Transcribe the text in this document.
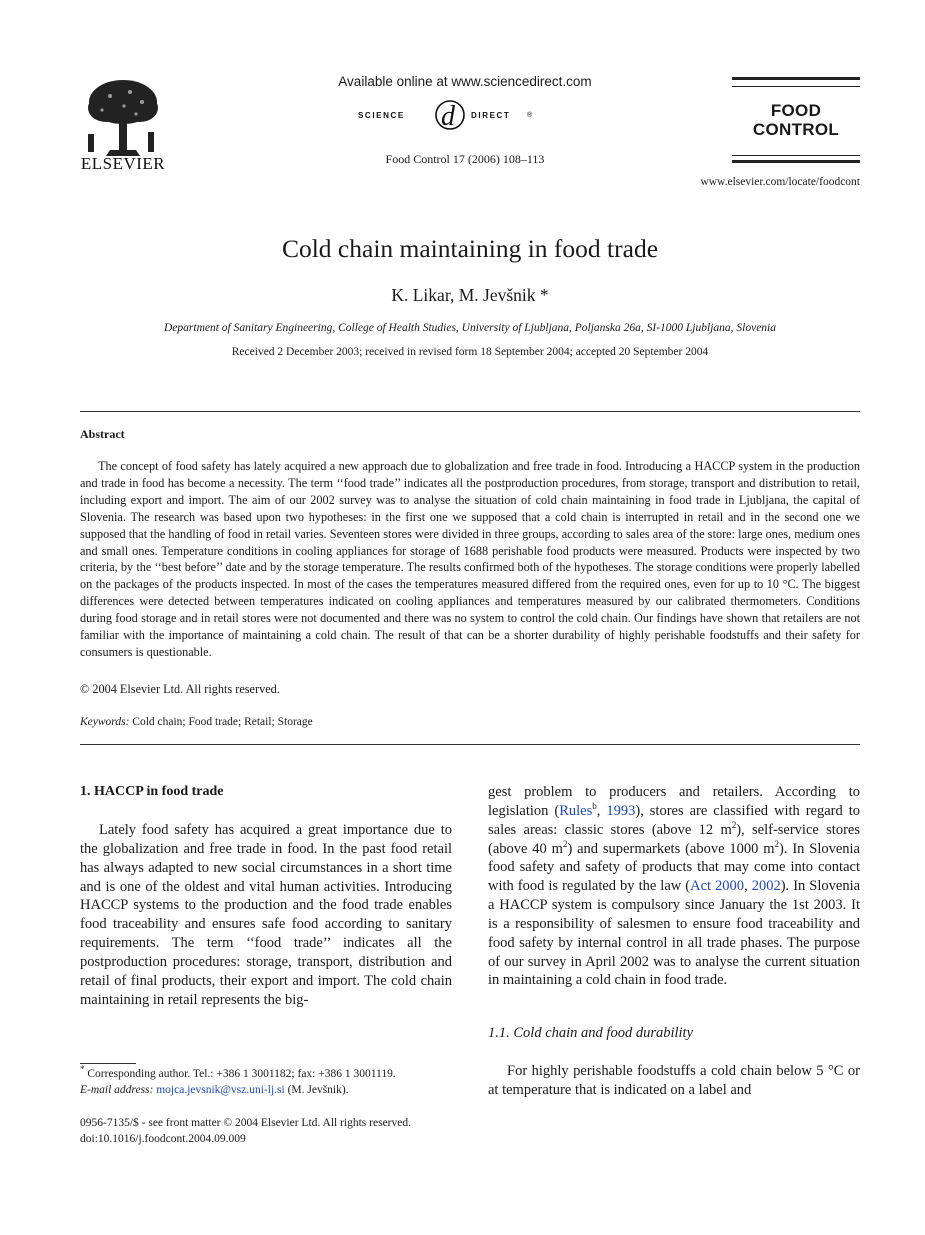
ELSEVIER
Available online at www.sciencedirect.com
SCIENCE d DIRECT ®
Food Control 17 (2006) 108–113
FOOD
CONTROL
www.elsevier.com/locate/foodcont
Cold chain maintaining in food trade
K. Likar, M. Jevšnik *
Department of Sanitary Engineering, College of Health Studies, University of Ljubljana, Poljanska 26a, SI-1000 Ljubljana, Slovenia
Received 2 December 2003; received in revised form 18 September 2004; accepted 20 September 2004
Abstract
The concept of food safety has lately acquired a new approach due to globalization and free trade in food. Introducing a HACCP system in the production and trade in food has become a necessity. The term ‘‘food trade’’ indicates all the postproduction procedures, from storage, transport and distribution to retail, including export and import. The aim of our 2002 survey was to analyse the situation of cold chain maintaining in food trade in Ljubljana, the capital of Slovenia. The research was based upon two hypotheses: in the first one we supposed that a cold chain is interrupted in retail and in the second one we supposed that the handling of food in retail varies. Seventeen stores were divided in three groups, according to sales area of the store: large ones, medium ones and small ones. Temperature conditions in cooling appliances for storage of 1688 perishable food products were measured. Products were inspected by two criteria, by the ‘‘best before’’ date and by the storage temperature. The results confirmed both of the hypotheses. The storage conditions were properly labelled on the packages of the products inspected. In most of the cases the temperatures measured differed from the required ones, even for up to 10 °C. The biggest differences were detected between temperatures indicated on cooling appliances and temperatures measured by our calibrated thermometers. Conditions during food storage and in retail stores were not documented and there was no system to control the cold chain. Our findings have shown that retailers are not familiar with the importance of maintaining a cold chain. The result of that can be a shorter durability of highly perishable foodstuffs and their safety for consumers is questionable.
© 2004 Elsevier Ltd. All rights reserved.
Keywords: Cold chain; Food trade; Retail; Storage
1. HACCP in food trade

Lately food safety has acquired a great importance due to the globalization and free trade in food. In the past food retail has always adapted to new social circumstances in a short time and is one of the oldest and vital human activities. Introducing HACCP systems to the production and the food trade enables food traceability and ensures safe food according to sanitary requirements. The term ‘‘food trade’’ indicates all the postproduction procedures: storage, transport, distribution and retail of final products, their export and import. The cold chain maintaining in retail represents the big-

gest problem to producers and retailers. According to legislation (Rules$^b$, 1993), stores are classified with regard to sales areas: classic stores (above 12 $m^2$), self-service stores (above 40 $m^2$) and supermarkets (above 1000 $m^2$). In Slovenia food safety and safety of products that may come into contact with food is regulated by the law (Act 2000, 2002). In Slovenia a HACCP system is compulsory since January the 1st 2003. It is a responsibility of salesmen to ensure food traceability and food safety by internal control in all trade phases. The purpose of our survey in April 2002 was to analyse the current situation in maintaining a cold chain in food trade.

1.1. Cold chain and food durability

For highly perishable foodstuffs a cold chain below 5 °C or at temperature that is indicated on a label and

* Corresponding author. Tel.: +386 1 3001182; fax: +386 1 3001119.
E-mail address: mojca.jevsnik@vsz.uni-lj.si (M. Jevšnik).
0956-7135/$ - see front matter © 2004 Elsevier Ltd. All rights reserved.
doi:10.1016/j.foodcont.2004.09.009
